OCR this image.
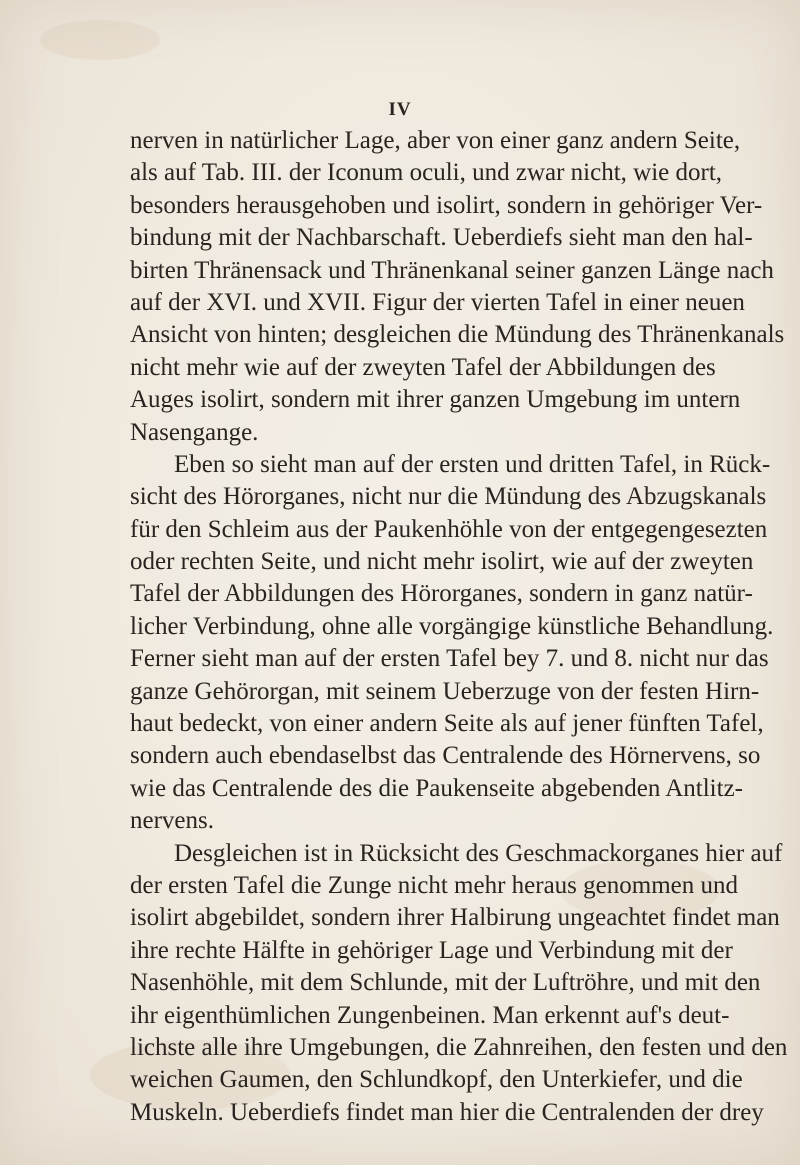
IV
nerven in natürlicher Lage, aber von einer ganz andern Seite,
als auf Tab. III. der Iconum oculi, und zwar nicht, wie dort,
besonders herausgehoben und isolirt, sondern in gehöriger Ver-
bindung mit der Nachbarschaft. Ueberdiefs sieht man den hal-
birten Thränensack und Thränenkanal seiner ganzen Länge nach
auf der XVI. und XVII. Figur der vierten Tafel in einer neuen
Ansicht von hinten; desgleichen die Mündung des Thränenkanals
nicht mehr wie auf der zweyten Tafel der Abbildungen des
Auges isolirt, sondern mit ihrer ganzen Umgebung im untern
Nasengange.
Eben so sieht man auf der ersten und dritten Tafel, in Rück-
sicht des Hörorganes, nicht nur die Mündung des Abzugskanals
für den Schleim aus der Paukenhöhle von der entgegengesezten
oder rechten Seite, und nicht mehr isolirt, wie auf der zweyten
Tafel der Abbildungen des Hörorganes, sondern in ganz natür-
licher Verbindung, ohne alle vorgängige künstliche Behandlung.
Ferner sieht man auf der ersten Tafel bey 7. und 8. nicht nur das
ganze Gehörorgan, mit seinem Ueberzuge von der festen Hirn-
haut bedeckt, von einer andern Seite als auf jener fünften Tafel,
sondern auch ebendaselbst das Centralende des Hörnervens, so
wie das Centralende des die Paukenseite abgebenden Antlitz-
nervens.
Desgleichen ist in Rücksicht des Geschmackorganes hier auf
der ersten Tafel die Zunge nicht mehr heraus genommen und
isolirt abgebildet, sondern ihrer Halbirung ungeachtet findet man
ihre rechte Hälfte in gehöriger Lage und Verbindung mit der
Nasenhöhle, mit dem Schlunde, mit der Luftröhre, und mit den
ihr eigenthümlichen Zungenbeinen. Man erkennt auf's deut-
lichste alle ihre Umgebungen, die Zahnreihen, den festen und den
weichen Gaumen, den Schlundkopf, den Unterkiefer, und die
Muskeln. Ueberdiefs findet man hier die Centralenden der drey
